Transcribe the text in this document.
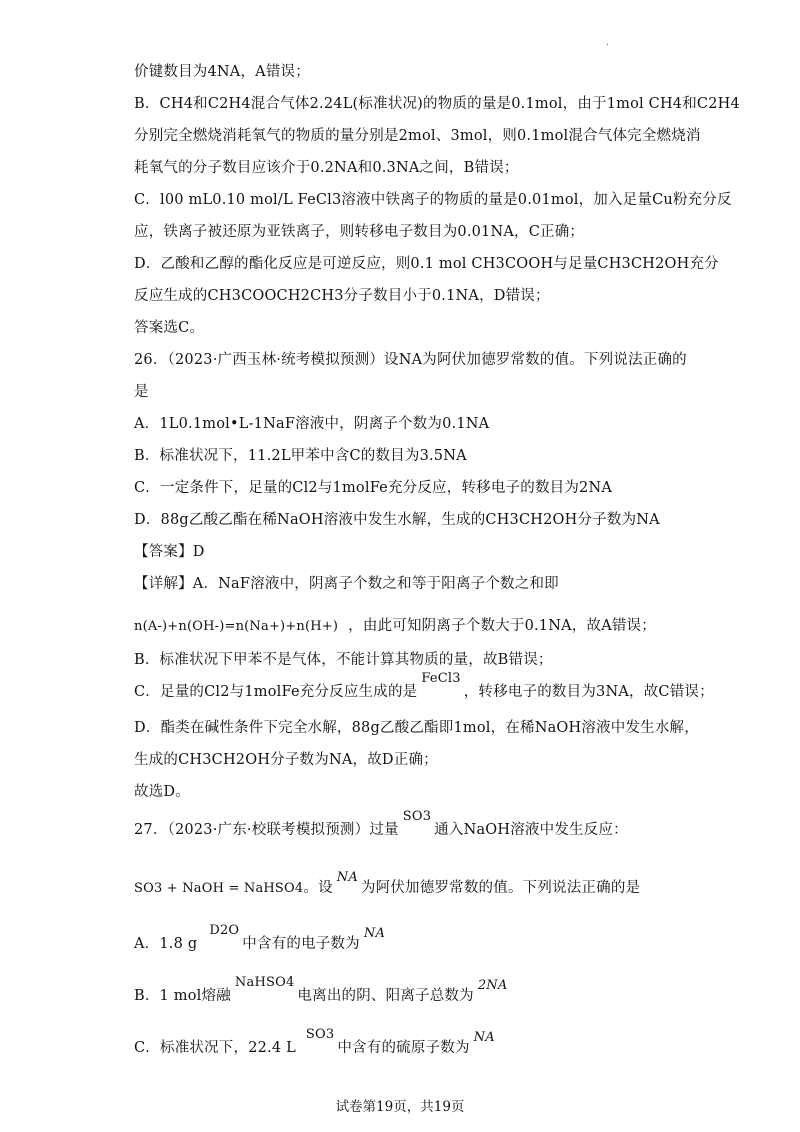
·
价键数目为4NA，A错误；
B．CH4和C2H4混合气体2.24L(标准状况)的物质的量是0.1mol，由于1mol CH4和C2H4
分别完全燃烧消耗氧气的物质的量分别是2mol、3mol，则0.1mol混合气体完全燃烧消
耗氧气的分子数目应该介于0.2NA和0.3NA之间，B错误；
C．l00 mL0.10 mol/L FeCl3溶液中铁离子的物质的量是0.01mol，加入足量Cu粉充分反
应，铁离子被还原为亚铁离子，则转移电子数目为0.01NA，C正确；
D．乙酸和乙醇的酯化反应是可逆反应，则0.1 mol CH3COOH与足量CH3CH2OH充分
反应生成的CH3COOCH2CH3分子数目小于0.1NA，D错误；
答案选C。
26．（2023·广西玉林·统考模拟预测）设NA为阿伏加德罗常数的值。下列说法正确的
是
A．1L0.1mol•L-1NaF溶液中，阴离子个数为0.1NA
B．标准状况下，11.2L甲苯中含C的数目为3.5NA
C．一定条件下，足量的Cl2与1molFe充分反应，转移电子的数目为2NA
D．88g乙酸乙酯在稀NaOH溶液中发生水解，生成的CH3CH2OH分子数为NA
【答案】D
【详解】A．NaF溶液中，阴离子个数之和等于阳离子个数之和即
n(A-)+n(OH-)=n(Na+)+n(H+) ，由此可知阴离子个数大于0.1NA，故A错误；
B．标准状况下甲苯不是气体，不能计算其物质的量，故B错误；
C．足量的Cl2与1molFe充分反应生成的是FeCl3，转移电子的数目为3NA，故C错误；
D．酯类在碱性条件下完全水解，88g乙酸乙酯即1mol，在稀NaOH溶液中发生水解，
生成的CH3CH2OH分子数为NA，故D正确；
故选D。
27．（2023·广东·校联考模拟预测）过量SO3通入NaOH溶液中发生反应：
SO3 + NaOH = NaHSO4。设NA为阿伏加德罗常数的值。下列说法正确的是
A．1.8 gD2O中含有的电子数为NA
B．1 mol熔融NaHSO4电离出的阴、阳离子总数为2NA
C．标准状况下，22.4 LSO3中含有的硫原子数为NA
试卷第19页，共19页
